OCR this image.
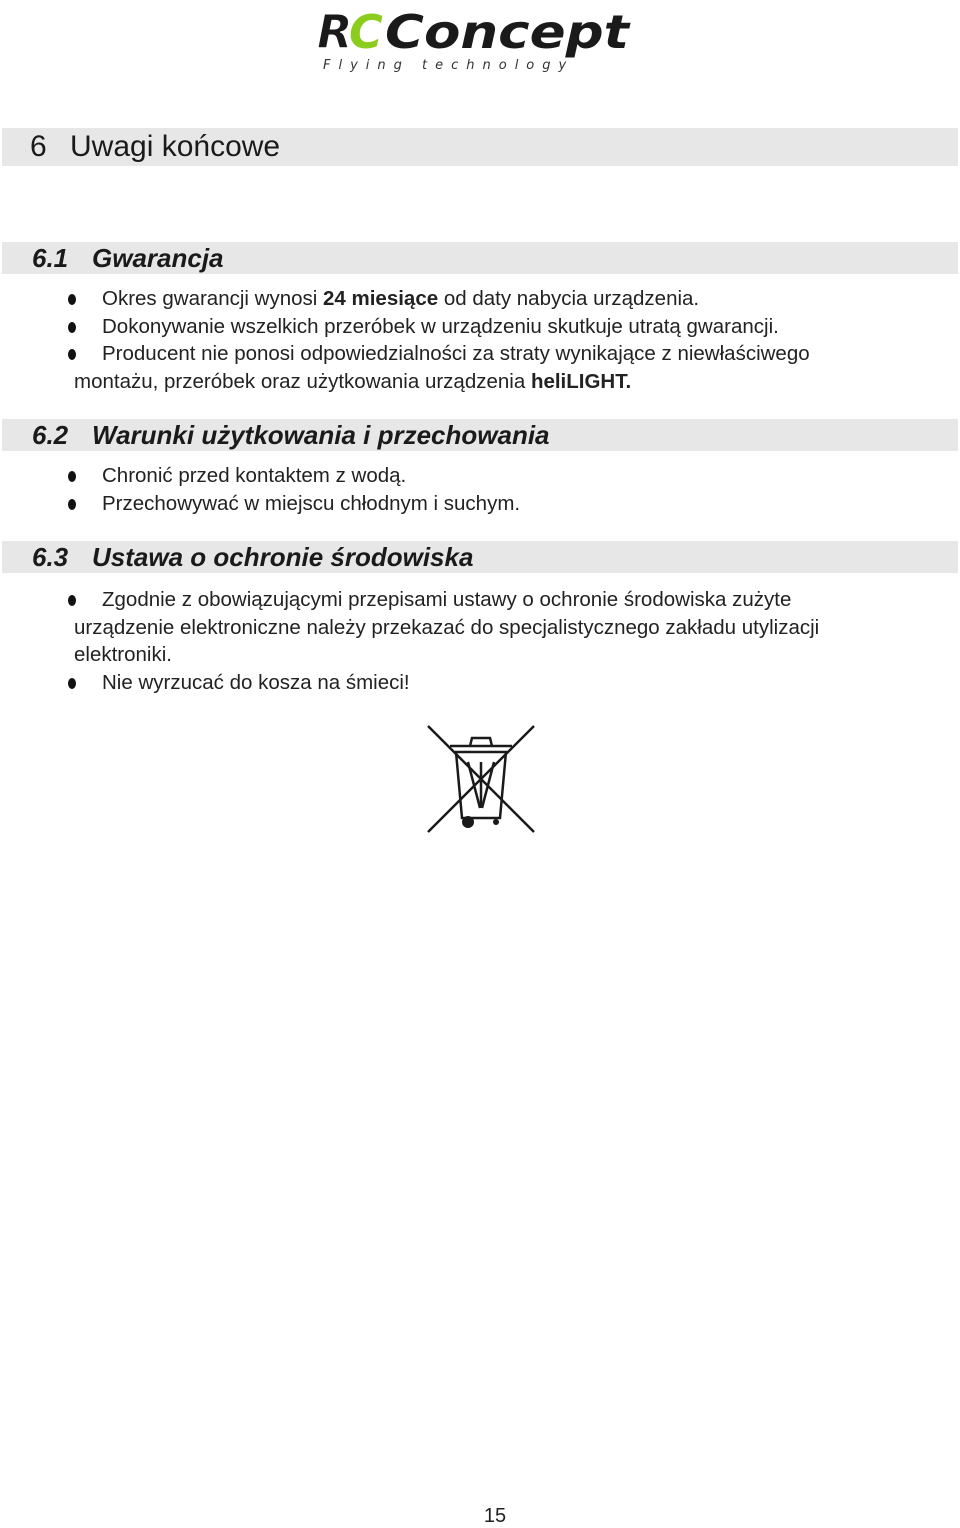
R
C Concept
Flying technology
6 Uwagi końcowe
6.1 Gwarancja
Okres gwarancji wynosi 24 miesiące od daty nabycia urządzenia.
Dokonywanie wszelkich przeróbek w urządzeniu skutkuje utratą gwarancji.
Producent nie ponosi odpowiedzialności za straty wynikające z niewłaściwego
montażu, przeróbek oraz użytkowania urządzenia heliLIGHT.
6.2 Warunki użytkowania i przechowania
Chronić przed kontaktem z wodą.
Przechowywać w miejscu chłodnym i suchym.
6.3 Ustawa o ochronie środowiska
Zgodnie z obowiązującymi przepisami ustawy o ochronie środowiska zużyte
urządzenie elektroniczne należy przekazać do specjalistycznego zakładu utylizacji
elektroniki.
Nie wyrzucać do kosza na śmieci!
15
